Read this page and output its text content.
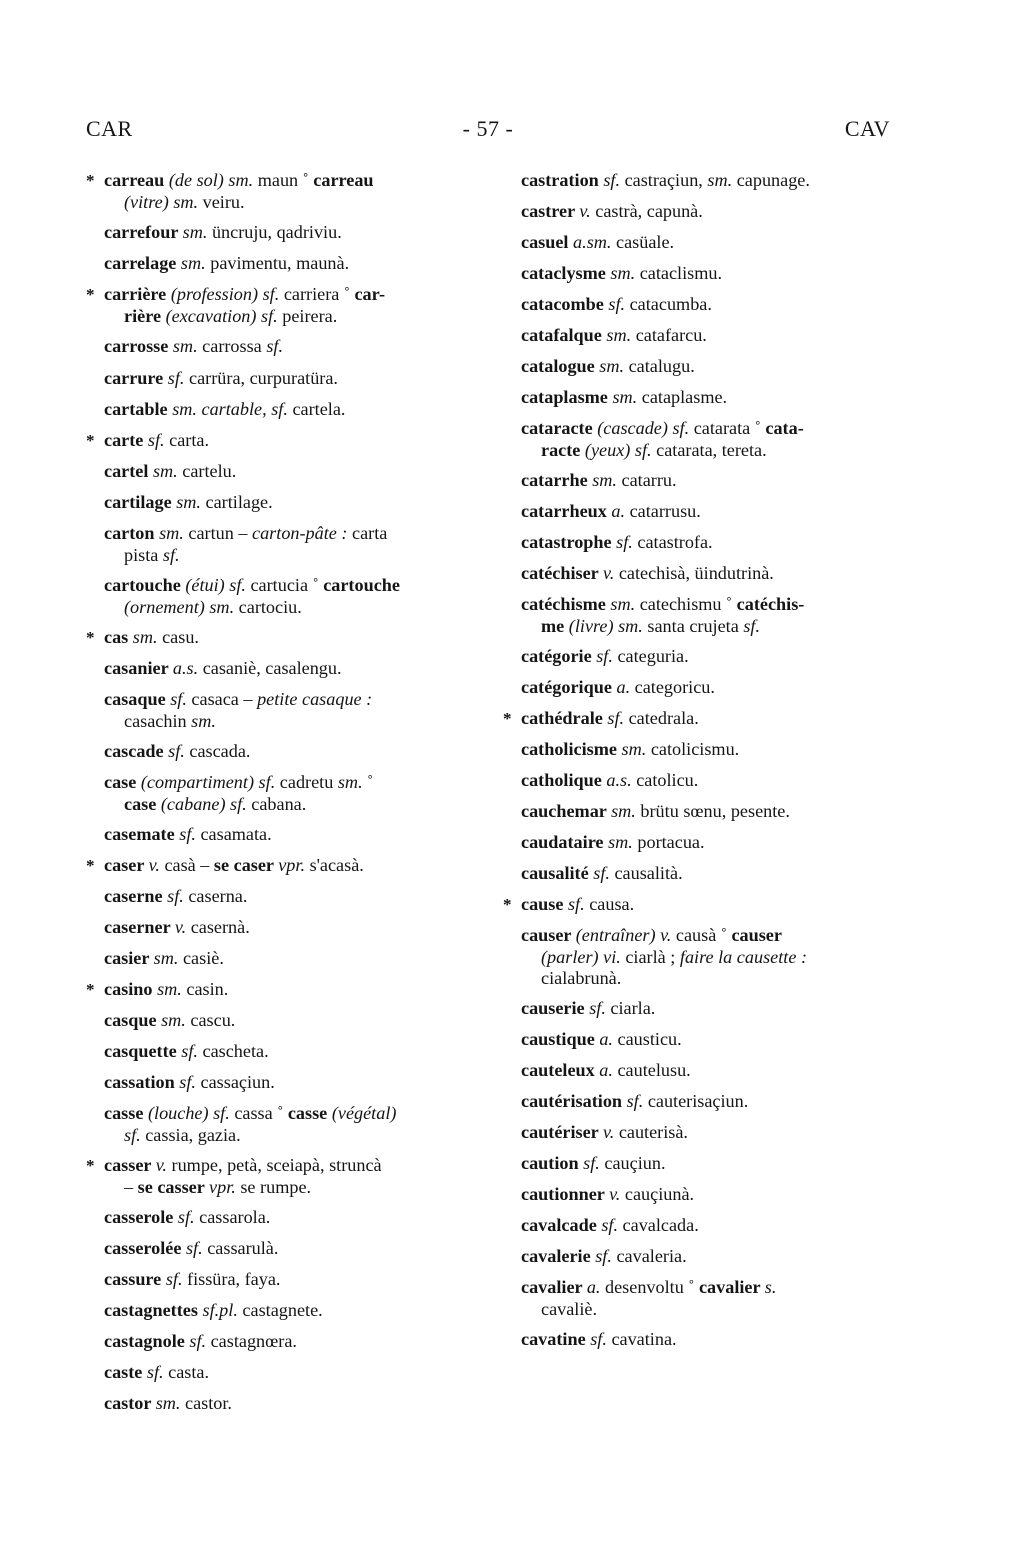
CAR	- 57 -	CAV
* carreau (de sol) sm. maun ˚ carreau
(vitre) sm. veiru.
carrefour sm. üncruju, qadriviu.
carrelage sm. pavimentu, maunà.
* carrière (profession) sf. carriera ˚ car-
rière (excavation) sf. peirera.
carrosse sm. carrossa sf.
carrure sf. carrüra, curpuratüra.
cartable sm. cartable, sf. cartela.
* carte sf. carta.
cartel sm. cartelu.
cartilage sm. cartilage.
carton sm. cartun – carton-pâte : carta
pista sf.
cartouche (étui) sf. cartucia ˚ cartouche
(ornement) sm. cartociu.
* cas sm. casu.
casanier a.s. casaniè, casalengu.
casaque sf. casaca – petite casaque :
casachin sm.
cascade sf. cascada.
case (compartiment) sf. cadretu sm. ˚
case (cabane) sf. cabana.
casemate sf. casamata.
* caser v. casà – se caser vpr. s'acasà.
caserne sf. caserna.
caserner v. casernà.
casier sm. casiè.
* casino sm. casin.
casque sm. cascu.
casquette sf. cascheta.
cassation sf. cassaçiun.
casse (louche) sf. cassa ˚ casse (végétal)
sf. cassia, gazia.
* casser v. rumpe, petà, sceiapà, struncà
– se casser vpr. se rumpe.
casserole sf. cassarola.
casserolée sf. cassarulà.
cassure sf. fissüra, faya.
castagnettes sf.pl. castagnete.
castagnole sf. castagnœra.
caste sf. casta.
castor sm. castor.
castration sf. castraçiun, sm. capunage.
castrer v. castrà, capunà.
casuel a.sm. casüale.
cataclysme sm. cataclismu.
catacombe sf. catacumba.
catafalque sm. catafarcu.
catalogue sm. catalugu.
cataplasme sm. cataplasme.
cataracte (cascade) sf. catarata ˚ cata-
racte (yeux) sf. catarata, tereta.
catarrhe sm. catarru.
catarrheux a. catarrusu.
catastrophe sf. catastrofa.
catéchiser v. catechisà, üindutrinà.
catéchisme sm. catechismu ˚ catéchis-
me (livre) sm. santa crujeta sf.
catégorie sf. categuria.
catégorique a. categoricu.
* cathédrale sf. catedrala.
catholicisme sm. catolicismu.
catholique a.s. catolicu.
cauchemar sm. brütu sœnu, pesente.
caudataire sm. portacua.
causalité sf. causalità.
* cause sf. causa.
causer (entraîner) v. causà ˚ causer
(parler) vi. ciarlà ; faire la causette :
cialabrunà.
causerie sf. ciarla.
caustique a. causticu.
cauteleux a. cautelusu.
cautérisation sf. cauterisaçiun.
cautériser v. cauterisà.
caution sf. cauçiun.
cautionner v. cauçiunà.
cavalcade sf. cavalcada.
cavalerie sf. cavaleria.
cavalier a. desenvoltu ˚ cavalier s.
cavaliè.
cavatine sf. cavatina.
